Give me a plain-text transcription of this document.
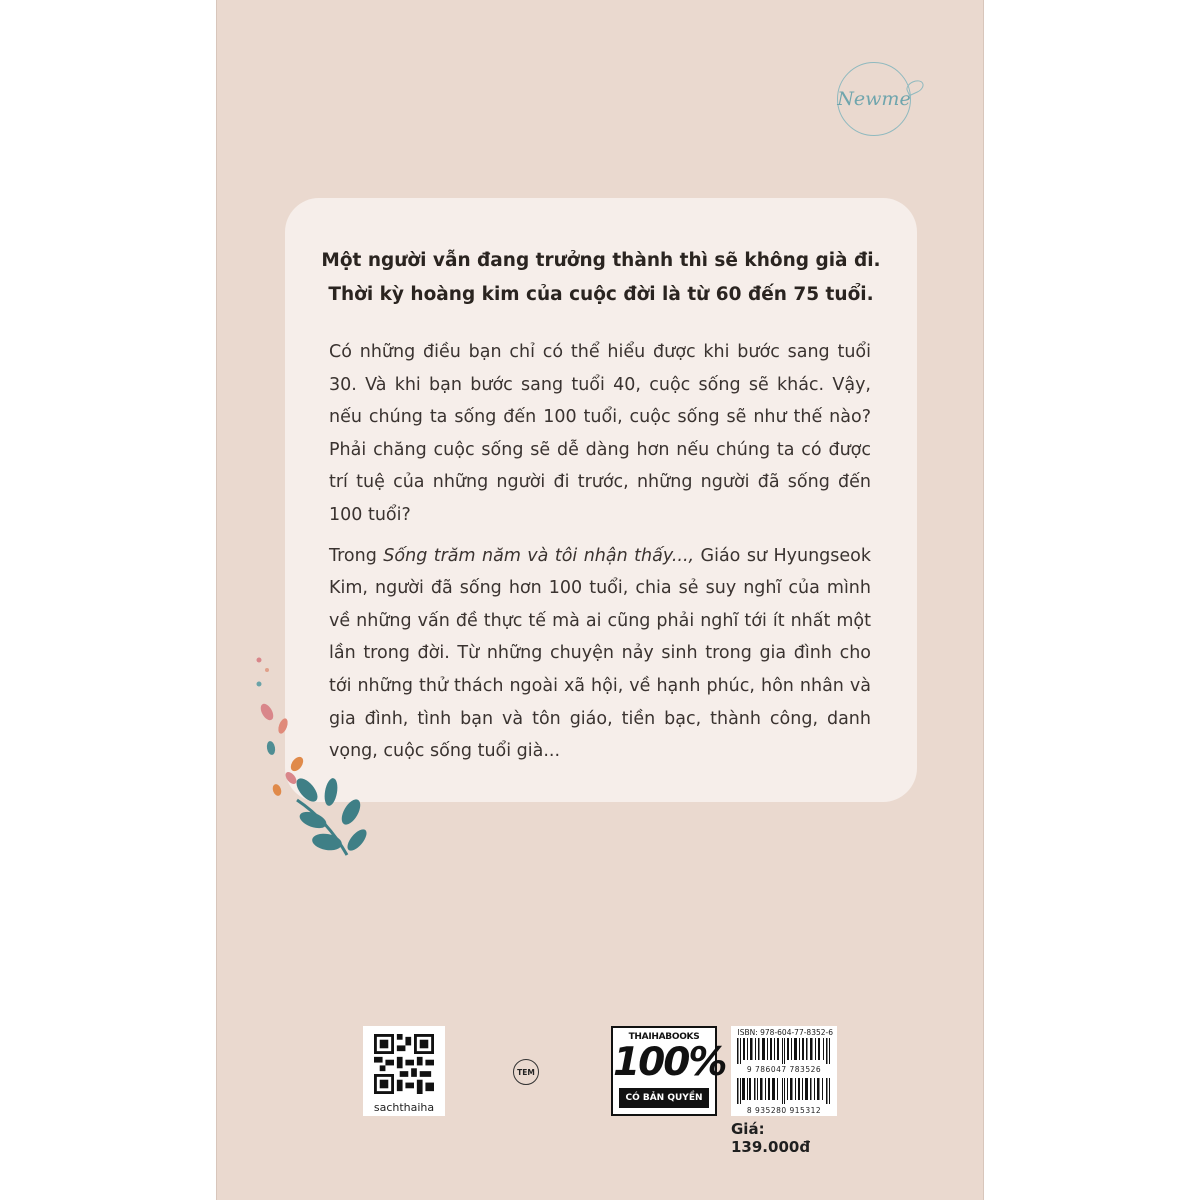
Newme
Một người vẫn đang trưởng thành thì sẽ không già đi.
Thời kỳ hoàng kim của cuộc đời là từ 60 đến 75 tuổi.

Có những điều bạn chỉ có thể hiểu được khi bước sang tuổi 30. Và khi bạn bước sang tuổi 40, cuộc sống sẽ khác. Vậy, nếu chúng ta sống đến 100 tuổi, cuộc sống sẽ như thế nào? Phải chăng cuộc sống sẽ dễ dàng hơn nếu chúng ta có được trí tuệ của những người đi trước, những người đã sống đến 100 tuổi?

Trong Sống trăm năm và tôi nhận thấy..., Giáo sư Hyungseok Kim, người đã sống hơn 100 tuổi, chia sẻ suy nghĩ của mình về những vấn đề thực tế mà ai cũng phải nghĩ tới ít nhất một lần trong đời. Từ những chuyện nảy sinh trong gia đình cho tới những thử thách ngoài xã hội, về hạnh phúc, hôn nhân và gia đình, tình bạn và tôn giáo, tiền bạc, thành công, danh vọng, cuộc sống tuổi già...

sachthaiha
TEM
THAIHABOOKS
100%
CÓ BẢN QUYỀN
ISBN: 978-604-77-8352-6
9 786047 783526
8 935280 915312
Giá: 139.000đ
